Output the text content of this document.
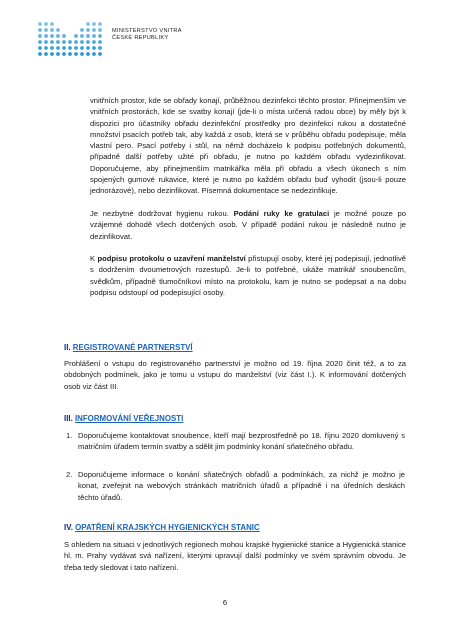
MINISTERSTVO VNITRA
ČESKÉ REPUBLIKY

vnitřních prostor, kde se obřady konají, průběžnou dezinfekci těchto prostor. Přinejmenším ve vnitřních prostorách, kde se svatby konají (jde-li o místa určená radou obce) by měly být k dispozici pro účastníky obřadu dezinfekční prostředky pro dezinfekci rukou a dostatečné množství psacích potřeb tak, aby každá z osob, která se v průběhu obřadu podepisuje, měla vlastní pero. Psací potřeby i stůl, na němž docházelo k podpisu potřebných dokumentů, případně další potřeby užité při obřadu, je nutno po každém obřadu vydezinfikovat. Doporučujeme, aby přinejmenším matrikářka měla při obřadu a všech úkonech s ním spojených gumové rukavice, které je nutno po každém obřadu buď vyhodit (jsou-li pouze jednorázové), nebo dezinfikovat. Písemná dokumentace se nedezinfikuje.

Je nezbytné dodržovat hygienu rukou. Podání ruky ke gratulaci je možné pouze po vzájemné dohodě všech dotčených osob. V případě podání rukou je následně nutno je dezinfikovat.

K podpisu protokolu o uzavření manželství přistupují osoby, které jej podepisují, jednotlivě s dodržením dvoumetrových rozestupů. Je-li to potřebné, ukáže matrikář snoubencům, svědkům, případně tlumočníkovi místo na protokolu, kam je nutno se podepsat a na dobu podpisu odstoupí od podepisující osoby.

II. REGISTROVANÉ PARTNERSTVÍ

Prohlášení o vstupu do registrovaného partnerství je možno od 19. října 2020 činit též, a to za obdobných podmínek, jako je tomu u vstupu do manželství (viz část I.). K informování dotčených osob viz část III.

III. INFORMOVÁNÍ VEŘEJNOSTI
1. Doporučujeme kontaktovat snoubence, kteří mají bezprostředně po 18. říjnu 2020 domluvený s matričním úřadem termín svatby a sdělit jim podmínky konání sňatečného obřadu.
2. Doporučujeme informace o konání sňatečných obřadů a podmínkách, za nichž je možno je konat, zveřejnit na webových stránkách matričních úřadů a případně i na úředních deskách těchto úřadů.
IV. OPATŘENÍ KRAJSKÝCH HYGIENICKÝCH STANIC

S ohledem na situaci v jednotlivých regionech mohou krajské hygienické stanice a Hygienická stanice hl. m. Prahy vydávat svá nařízení, kterými upravují další podmínky ve svém správním obvodu. Je třeba tedy sledovat i tato nařízení.

6
